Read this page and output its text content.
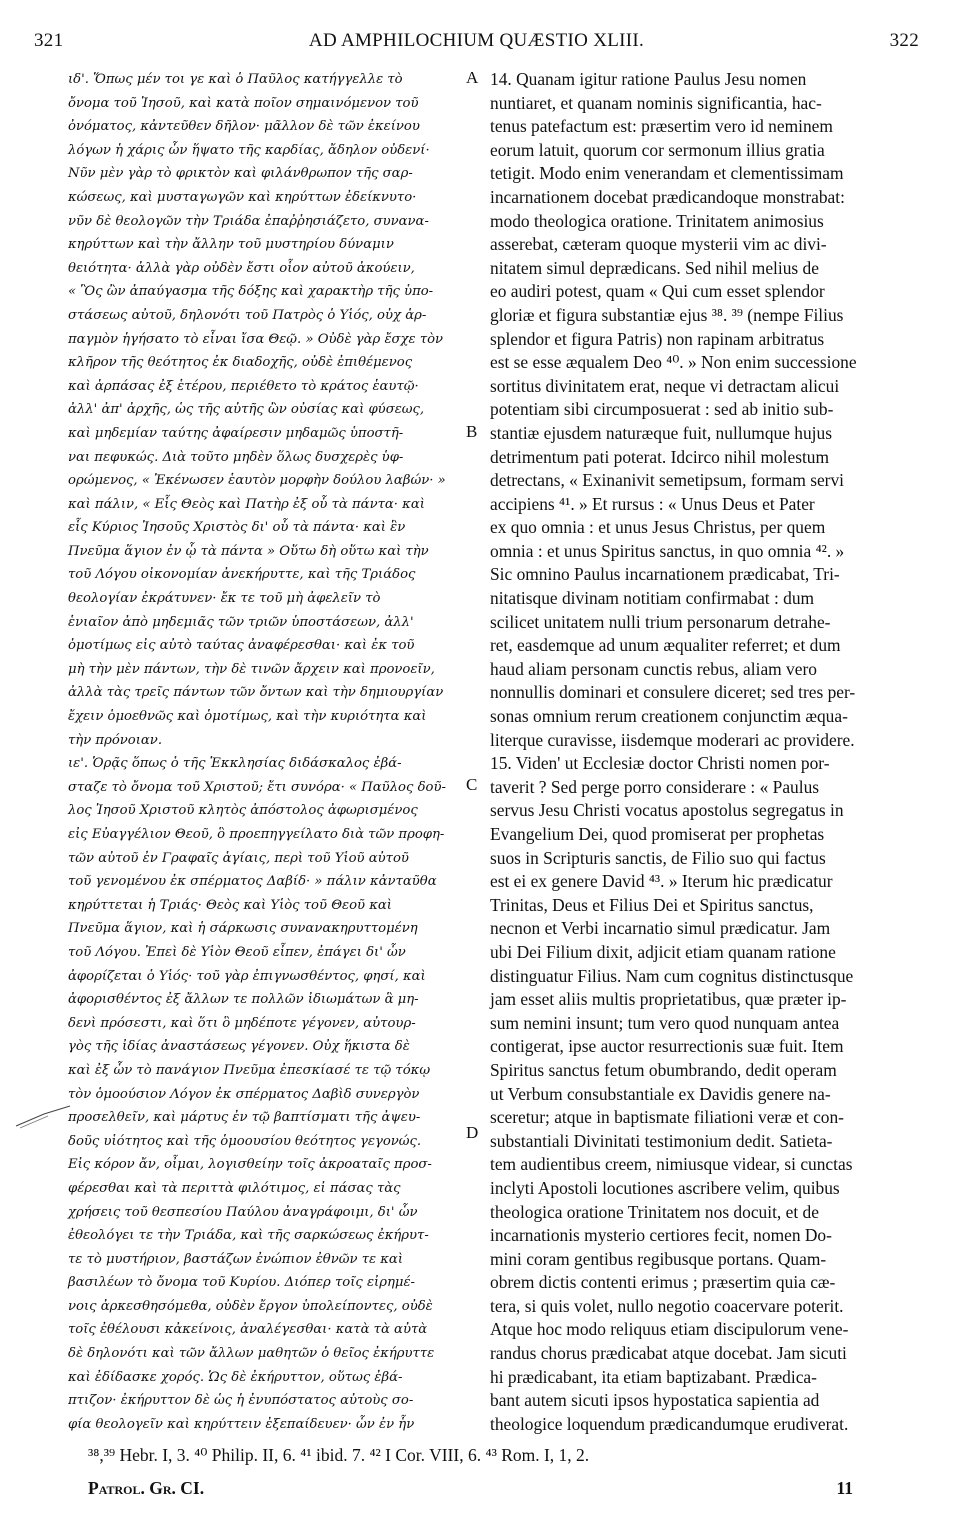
321	AD AMPHILOCHIUM QUÆSTIO XLIII.	322
ιδ'. Ὅπως μέν τοι γε καὶ ὁ Παῦλος κατήγγελλε τὸ
ὄνομα τοῦ Ἰησοῦ, καὶ κατὰ ποῖον σημαινόμενον τοῦ
ὀνόματος, κἀντεῦθεν δῆλον· μᾶλλον δὲ τῶν ἐκείνου
λόγων ἡ χάρις ὧν ἥψατο τῆς καρδίας, ἄδηλον οὐδενί·
Νῦν μὲν γὰρ τὸ φρικτὸν καὶ φιλάνθρωπον τῆς σαρ-
κώσεως, καὶ μυσταγωγῶν καὶ κηρύττων ἐδείκνυτο·
νῦν δὲ θεολογῶν τὴν Τριάδα ἐπαῤῥησιάζετο, συνανα-
κηρύττων καὶ τὴν ἄλλην τοῦ μυστηρίου δύναμιν
θειότητα· ἀλλὰ γὰρ οὐδὲν ἔστι οἷον αὐτοῦ ἀκούειν,
« Ὃς ὢν ἀπαύγασμα τῆς δόξης καὶ χαρακτὴρ τῆς ὑπο-
στάσεως αὐτοῦ, δηλονότι τοῦ Πατρὸς ὁ Υἱός, οὐχ ἁρ-
παγμὸν ἡγήσατο τὸ εἶναι ἴσα Θεῷ. » Οὐδὲ γὰρ ἔσχε τὸν
κλῆρον τῆς θεότητος ἐκ διαδοχῆς, οὐδὲ ἐπιθέμενος
καὶ ἁρπάσας ἐξ ἑτέρου, περιέθετο τὸ κράτος ἑαυτῷ·
ἀλλ' ἀπ' ἀρχῆς, ὡς τῆς αὐτῆς ὢν οὐσίας καὶ φύσεως,
καὶ μηδεμίαν ταύτης ἀφαίρεσιν μηδαμῶς ὑποστῆ-
ναι πεφυκώς. Διὰ τοῦτο μηδὲν ὅλως δυσχερὲς ὑφ-
ορώμενος, « Ἐκένωσεν ἑαυτὸν μορφὴν δούλου λαβών· »
καὶ πάλιν, « Εἷς Θεὸς καὶ Πατὴρ ἐξ οὗ τὰ πάντα· καὶ
εἷς Κύριος Ἰησοῦς Χριστὸς δι' οὗ τὰ πάντα· καὶ ἓν
Πνεῦμα ἅγιον ἐν ᾧ τὰ πάντα » Οὕτω δὴ οὕτω καὶ τὴν
τοῦ Λόγου οἰκονομίαν ἀνεκήρυττε, καὶ τῆς Τριάδος
θεολογίαν ἐκράτυνεν· ἔκ τε τοῦ μὴ ἀφελεῖν τὸ
ἑνιαῖον ἀπὸ μηδεμιᾶς τῶν τριῶν ὑποστάσεων, ἀλλ'
ὁμοτίμως εἰς αὐτὸ ταύτας ἀναφέρεσθαι· καὶ ἐκ τοῦ
μὴ τὴν μὲν πάντων, τὴν δὲ τινῶν ἄρχειν καὶ προνοεῖν,
ἀλλὰ τὰς τρεῖς πάντων τῶν ὄντων καὶ τὴν δημιουργίαν
ἔχειν ὁμοεθνῶς καὶ ὁμοτίμως, καὶ τὴν κυριότητα καὶ
τὴν πρόνοιαν.
ιε'. Ὁρᾷς ὅπως ὁ τῆς Ἐκκλησίας διδάσκαλος ἐβά-
σταζε τὸ ὄνομα τοῦ Χριστοῦ; ἔτι συνόρα· « Παῦλος δοῦ-
λος Ἰησοῦ Χριστοῦ κλητὸς ἀπόστολος ἀφωρισμένος
εἰς Εὐαγγέλιον Θεοῦ, ὃ προεπηγγείλατο διὰ τῶν προφη-
τῶν αὐτοῦ ἐν Γραφαῖς ἁγίαις, περὶ τοῦ Υἱοῦ αὐτοῦ
τοῦ γενομένου ἐκ σπέρματος Δαβίδ· » πάλιν κἀνταῦθα
κηρύττεται ἡ Τριάς· Θεὸς καὶ Υἱὸς τοῦ Θεοῦ καὶ
Πνεῦμα ἅγιον, καὶ ἡ σάρκωσις συνανακηρυττομένη
τοῦ Λόγου. Ἐπεὶ δὲ Υἱὸν Θεοῦ εἶπεν, ἐπάγει δι' ὧν
ἀφορίζεται ὁ Υἱός· τοῦ γὰρ ἐπιγνωσθέντος, φησί, καὶ
ἀφορισθέντος ἐξ ἄλλων τε πολλῶν ἰδιωμάτων ἃ μη-
δενὶ πρόσεστι, καὶ ὅτι ὃ μηδέποτε γέγονεν, αὐτουρ-
γὸς τῆς ἰδίας ἀναστάσεως γέγονεν. Οὐχ ἥκιστα δὲ
καὶ ἐξ ὧν τὸ πανάγιον Πνεῦμα ἐπεσκίασέ τε τῷ τόκῳ
τὸν ὁμοούσιον Λόγον ἐκ σπέρματος Δαβὶδ συνεργὸν
προσελθεῖν, καὶ μάρτυς ἐν τῷ βαπτίσματι τῆς ἀψευ-
δοῦς υἱότητος καὶ τῆς ὁμοουσίου θεότητος γεγονώς.
Εἰς κόρον ἄν, οἶμαι, λογισθείην τοῖς ἀκροαταῖς προσ-
φέρεσθαι καὶ τὰ περιττὰ φιλότιμος, εἰ πάσας τὰς
χρήσεις τοῦ θεσπεσίου Παύλου ἀναγράφοιμι, δι' ὧν
ἐθεολόγει τε τὴν Τριάδα, καὶ τῆς σαρκώσεως ἐκήρυτ-
τε τὸ μυστήριον, βαστάζων ἐνώπιον ἐθνῶν τε καὶ
βασιλέων τὸ ὄνομα τοῦ Κυρίου. Διόπερ τοῖς εἰρημέ-
νοις ἀρκεσθησόμεθα, οὐδὲν ἔργον ὑπολείποντες, οὐδὲ
τοῖς ἐθέλουσι κἀκείνοις, ἀναλέγεσθαι· κατὰ τὰ αὐτὰ
δὲ δηλονότι καὶ τῶν ἄλλων μαθητῶν ὁ θεῖος ἐκήρυττε
καὶ ἐδίδασκε χορός. Ὡς δὲ ἐκήρυττον, οὕτως ἐβά-
πτιζον· ἐκήρυττον δὲ ὡς ἡ ἐνυπόστατος αὐτοὺς σο-
φία θεολογεῖν καὶ κηρύττειν ἐξεπαίδευεν· ὧν ἐν ἧν
A
B
C
D
14. Quanam igitur ratione Paulus Jesu nomen
nuntiaret, et quanam nominis significantia, hac-
tenus patefactum est: præsertim vero id neminem
eorum latuit, quorum cor sermonum illius gratia
tetigit. Modo enim venerandam et clementissimam
incarnationem docebat prædicandoque monstrabat:
modo theologica oratione. Trinitatem animosius
asserebat, cæteram quoque mysterii vim ac divi-
nitatem simul deprædicans. Sed nihil melius de
eo audiri potest, quam « Qui cum esset splendor
gloriæ et figura substantiæ ejus ³⁸. ³⁹ (nempe Filius
splendor et figura Patris) non rapinam arbitratus
est se esse æqualem Deo ⁴⁰. » Non enim successione
sortitus divinitatem erat, neque vi detractam alicui
potentiam sibi circumposuerat : sed ab initio sub-
stantiæ ejusdem naturæque fuit, nullumque hujus
detrimentum pati poterat. Idcirco nihil molestum
detrectans, « Exinanivit semetipsum, formam servi
accipiens ⁴¹. » Et rursus : « Unus Deus et Pater
ex quo omnia : et unus Jesus Christus, per quem
omnia : et unus Spiritus sanctus, in quo omnia ⁴². »
Sic omnino Paulus incarnationem prædicabat, Tri-
nitatisque divinam notitiam confirmabat : dum
scilicet unitatem nulli trium personarum detrahe-
ret, easdemque ad unum æqualiter referret; et dum
haud aliam personam cunctis rebus, aliam vero
nonnullis dominari et consulere diceret; sed tres per-
sonas omnium rerum creationem conjunctim æqua-
literque curavisse, iisdemque moderari ac providere.
15. Viden' ut Ecclesiæ doctor Christi nomen por-
taverit ? Sed perge porro considerare : « Paulus
servus Jesu Christi vocatus apostolus segregatus in
Evangelium Dei, quod promiserat per prophetas
suos in Scripturis sanctis, de Filio suo qui factus
est ei ex genere David ⁴³. » Iterum hic prædicatur
Trinitas, Deus et Filius Dei et Spiritus sanctus,
necnon et Verbi incarnatio simul prædicatur. Jam
ubi Dei Filium dixit, adjicit etiam quanam ratione
distinguatur Filius. Nam cum cognitus distinctusque
jam esset aliis multis proprietatibus, quæ præter ip-
sum nemini insunt; tum vero quod nunquam antea
contigerat, ipse auctor resurrectionis suæ fuit. Item
Spiritus sanctus fetum obumbrando, dedit operam
ut Verbum consubstantiale ex Davidis genere na-
sceretur; atque in baptismate filiationi veræ et con-
substantiali Divinitati testimonium dedit. Satieta-
tem audientibus creem, nimiusque videar, si cunctas
inclyti Apostoli locutiones ascribere velim, quibus
theologica oratione Trinitatem nos docuit, et de
incarnationis mysterio certiores fecit, nomen Do-
mini coram gentibus regibusque portans. Quam-
obrem dictis contenti erimus ; præsertim quia cæ-
tera, si quis volet, nullo negotio coacervare poterit.
Atque hoc modo reliquus etiam discipulorum vene-
randus chorus prædicabat atque docebat. Jam sicuti
hi prædicabant, ita etiam baptizabant. Prædica-
bant autem sicuti ipsos hypostatica sapientia ad
theologice loquendum prædicandumque erudiverat.
³⁸,³⁹ Hebr. I, 3. ⁴⁰ Philip. II, 6. ⁴¹ ibid. 7. ⁴² I Cor. VIII, 6. ⁴³ Rom. I, 1, 2.
Patrol. Gr. CI.	11
